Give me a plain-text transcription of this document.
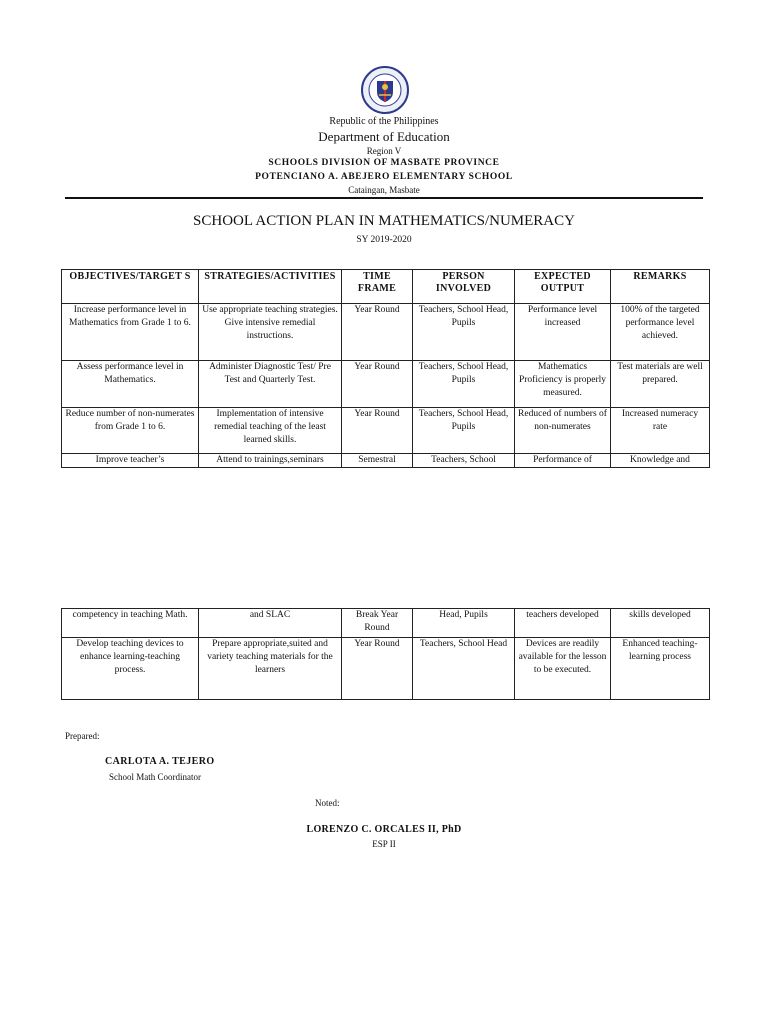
Republic of the Philippines
Department of Education
Region V
SCHOOLS DIVISION OF MASBATE PROVINCE
POTENCIANO A. ABEJERO ELEMENTARY SCHOOL
Cataingan, Masbate
SCHOOL ACTION PLAN IN MATHEMATICS/NUMERACY
SY 2019-2020
OBJECTIVES/TARGET S	STRATEGIES/ACTIVITIES	TIME FRAME	PERSON INVOLVED	EXPECTED OUTPUT	REMARKS
Increase performance level in Mathematics from Grade 1 to 6.	Use appropriate teaching strategies. Give intensive remedial instructions.	Year Round	Teachers, School Head, Pupils	Performance level increased	100% of the targeted performance level achieved.
Assess performance level in Mathematics.	Administer Diagnostic Test/ Pre Test and Quarterly Test.	Year Round	Teachers, School Head, Pupils	Mathematics Proficiency is properly measured.	Test materials are well prepared.
Reduce number of non-numerates from Grade 1 to 6.	Implementation of intensive remedial teaching of the least learned skills.	Year Round	Teachers, School Head, Pupils	Reduced of numbers of non-numerates	Increased numeracy rate
Improve teacher’s	Attend to trainings,seminars	Semestral	Teachers, School	Performance of	Knowledge and
competency in teaching Math.	and SLAC	Break Year Round	Head, Pupils	teachers developed	skills developed
Develop teaching devices to enhance learning-teaching process.	Prepare appropriate,suited and variety teaching materials for the learners	Year Round	Teachers, School Head	Devices are readily available for the lesson to be executed.	Enhanced teaching-learning process
Prepared:
CARLOTA A. TEJERO
School Math Coordinator
Noted:
LORENZO C. ORCALES II, PhD
ESP II
